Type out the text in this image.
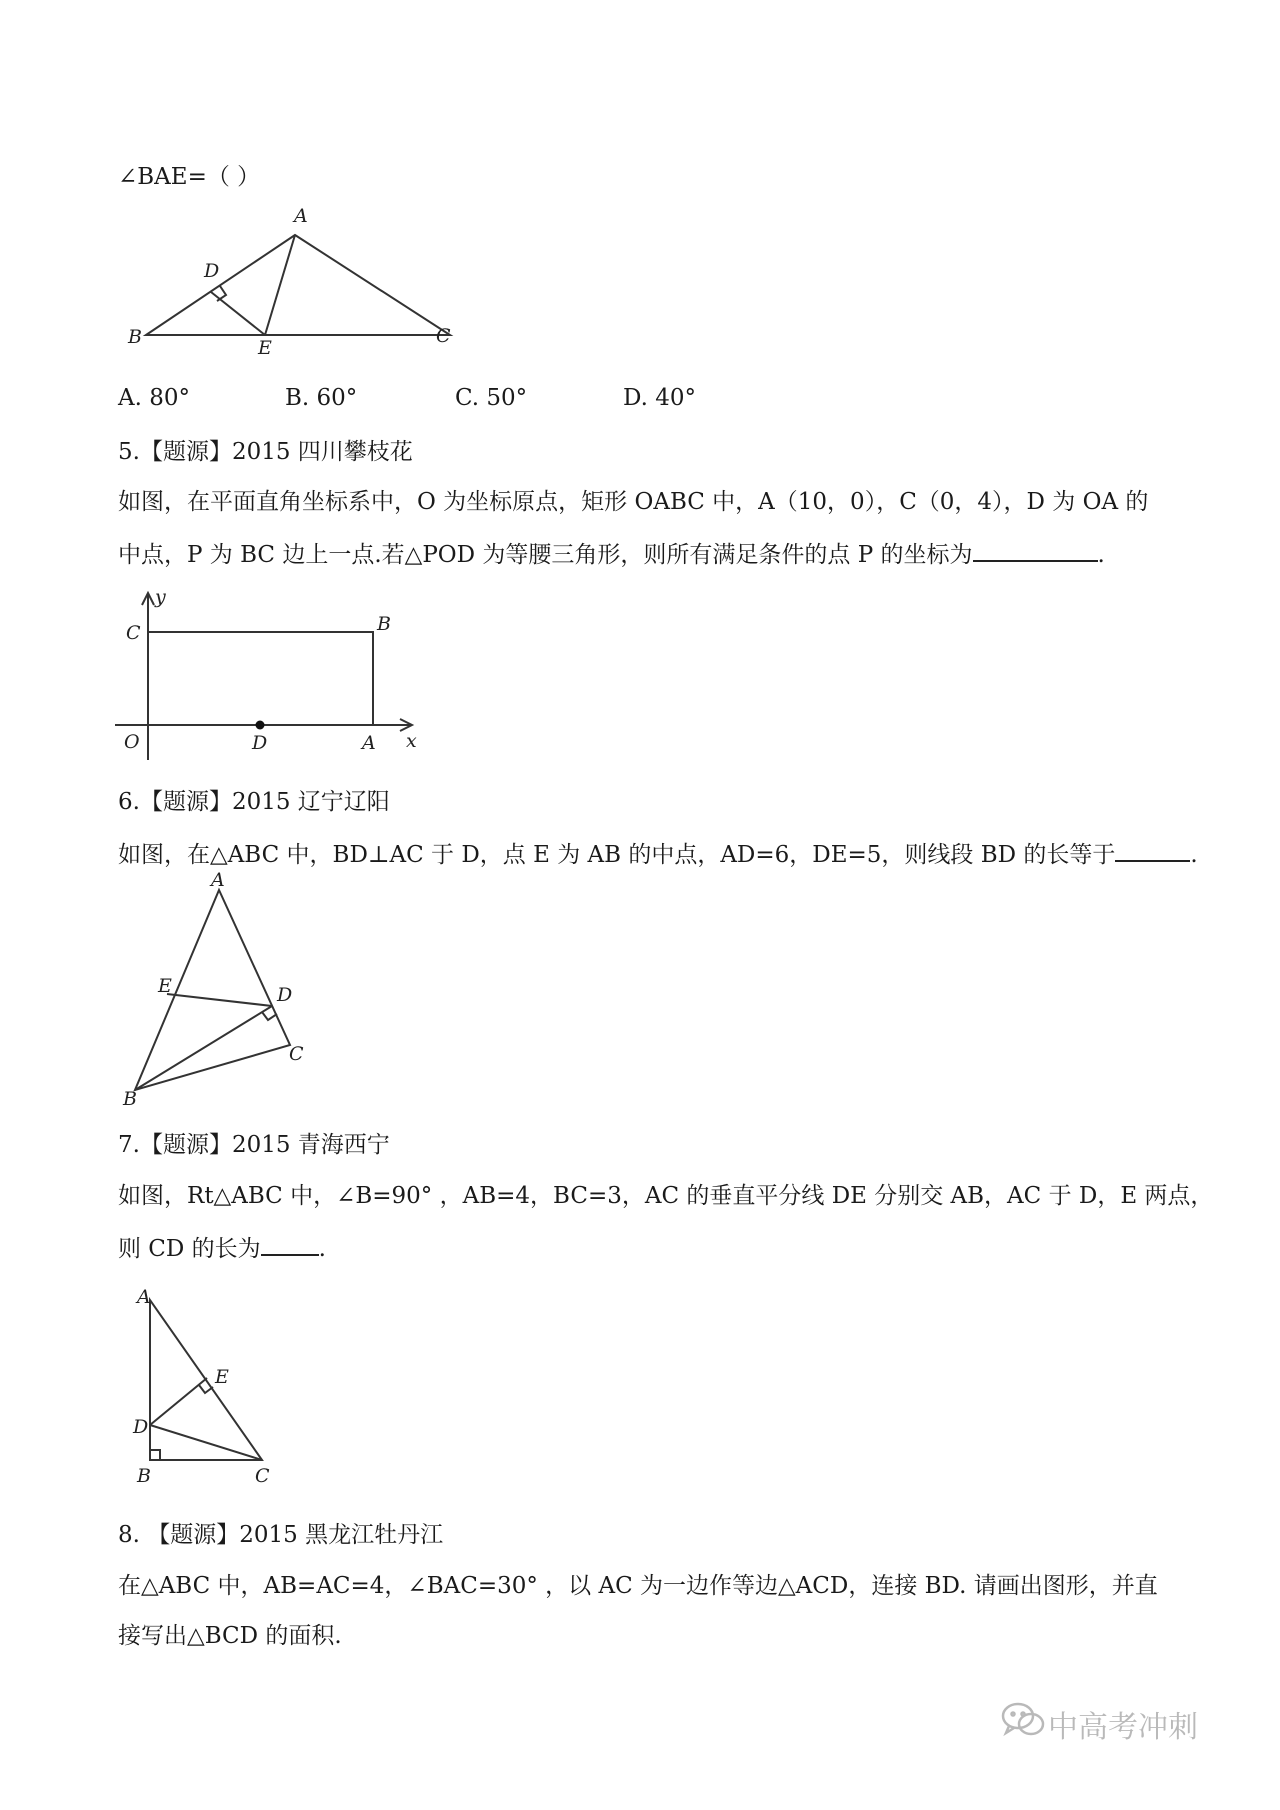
∠BAE=（ ）
A
B	C
D
E
A. 80°	B. 60°	C. 50°	D. 40°
5.【题源】2015 四川攀枝花
如图，在平面直角坐标系中，O 为坐标原点，矩形 OABC 中，A（10，0），C（0，4），D 为 OA 的
中点，P 为 BC 边上一点.若△POD 为等腰三角形，则所有满足条件的点 P 的坐标为	.
y
C	B
O	D	A x
6.【题源】2015 辽宁辽阳
如图，在△ABC 中，BD⊥AC 于 D，点 E 为 AB 的中点，AD=6，DE=5，则线段 BD 的长等于	.
A
E	D
C
B
7.【题源】2015 青海西宁
如图，Rt△ABC 中，∠B=90° ，AB=4，BC=3，AC 的垂直平分线 DE 分别交 AB，AC 于 D，E 两点，
则 CD 的长为	.
A
E
D
B	C
8. 【题源】2015 黑龙江牡丹江
在△ABC 中，AB=AC=4，∠BAC=30° ，以 AC 为一边作等边△ACD，连接 BD. 请画出图形，并直
接写出△BCD 的面积.
中高考冲刺
